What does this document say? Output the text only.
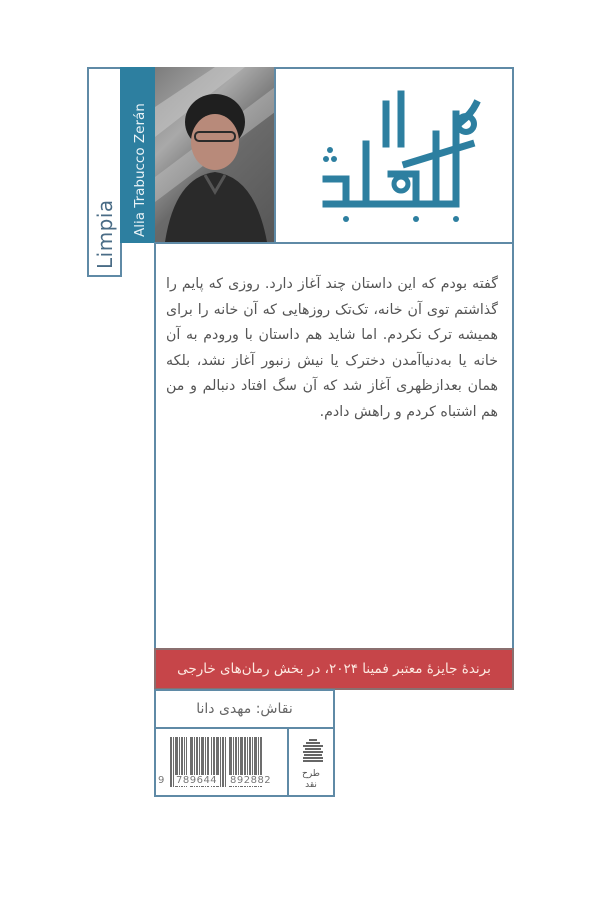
Limpia Alia Trabucco Zerán

گفته بودم که این داستان چند آغاز دارد. روزی که پایم را گذاشتم توی آن خانه، تک‌تک روزهایی که آن خانه را برای همیشه ترک نکردم. اما شاید هم داستان با ورودم به آن خانه یا به‌دنیاآمدن دخترک یا نیش زنبور آغاز نشد، بلکه همان بعدازظهری آغاز شد که آن سگ افتاد دنبالم و من هم اشتباه کردم و راهش دادم.

برندهٔ جایزهٔ معتبر فمینا ۲۰۲۴، در بخش رمان‌های خارجی
نقاش: مهدی دانا
9 789644 892882
طرح
نقد
